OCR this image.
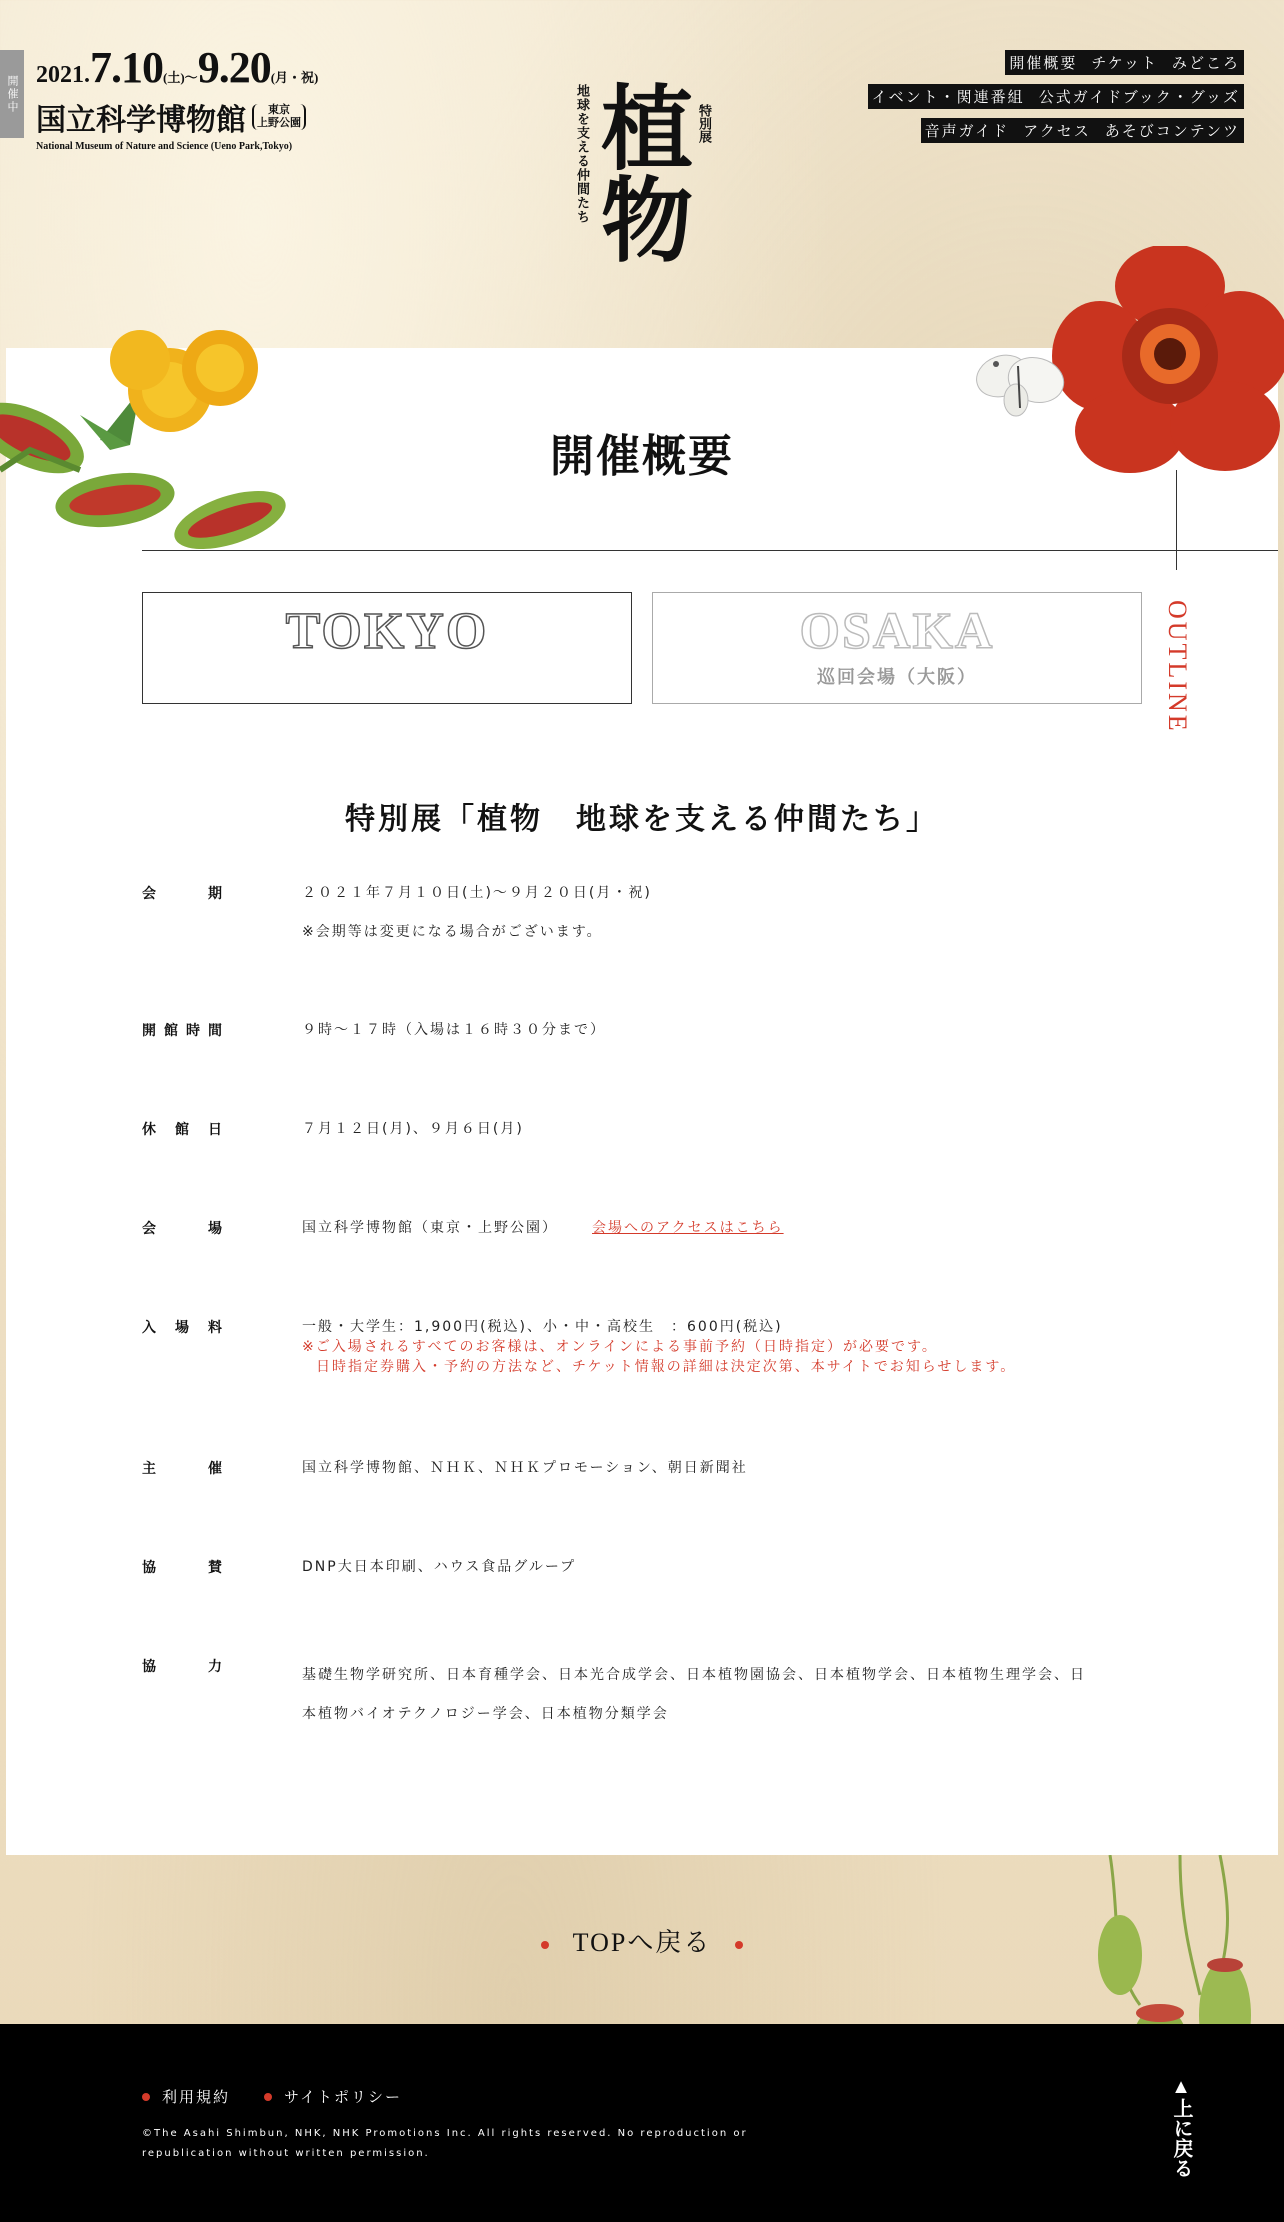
開催中 2021.7.10(土)〜9.20(月・祝)
国立科学博物館	東京
上野公園
National Museum of Nature and Science (Ueno Park,Tokyo)	地球を支える仲間たち 植物 特別展
開催概要 チケット みどころ
イベント・関連番組 公式ガイドブック・グッズ
音声ガイド アクセス あそびコンテンツ
開催概要
OUTLINE
TOKYO	OSAKA
巡回会場（大阪）
特別展「植物　地球を支える仲間たち」
会	期	２０２１年７月１０日(土)～９月２０日(月・祝)
※会期等は変更になる場合がございます。
開 館 時 間	９時～１７時（入場は１６時３０分まで）
休 館 日	７月１２日(月)、９月６日(月)
会	場	国立科学博物館（東京・上野公園） 会場へのアクセスはこちら
入 場 料	一般・大学生：1,900円(税込)、小・中・高校生　：600円(税込)
※ご入場されるすべてのお客様は、オンラインによる事前予約（日時指定）が必要です。
日時指定券購入・予約の方法など、チケット情報の詳細は決定次第、本サイトでお知らせします。
主	催	国立科学博物館、ＮＨＫ、ＮＨＫプロモーション、朝日新聞社
協	賛	DNP大日本印刷、ハウス食品グループ
協	力	基礎生物学研究所、日本育種学会、日本光合成学会、日本植物園協会、日本植物学会、日本植物生理学会、日
本植物バイオテクノロジー学会、日本植物分類学会
TOPへ戻る
利用規約	サイトポリシー
©The Asahi Shimbun, NHK, NHK Promotions Inc. All rights reserved. No reproduction or republication without written permission.	▲上に戻る
